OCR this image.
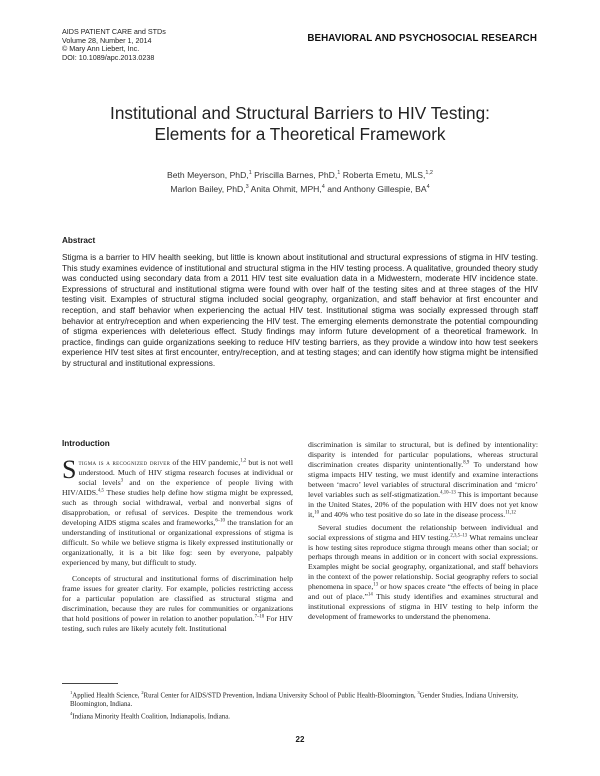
AIDS PATIENT CARE and STDs
Volume 28, Number 1, 2014
© Mary Ann Liebert, Inc.
DOI: 10.1089/apc.2013.0238
BEHAVIORAL AND PSYCHOSOCIAL RESEARCH
Institutional and Structural Barriers to HIV Testing:
Elements for a Theoretical Framework
Beth Meyerson, PhD,$^1$ Priscilla Barnes, PhD,$^1$ Roberta Emetu, MLS,$^{1,2}$
Marlon Bailey, PhD,$^3$ Anita Ohmit, MPH,$^4$ and Anthony Gillespie, $BA^4$
Abstract
Stigma is a barrier to HIV health seeking, but little is known about institutional and structural expressions of stigma in HIV testing. This study examines evidence of institutional and structural stigma in the HIV testing process. A qualitative, grounded theory study was conducted using secondary data from a 2011 HIV test site evaluation data in a Midwestern, moderate HIV incidence state. Expressions of structural and institutional stigma were found with over half of the testing sites and at three stages of the HIV testing visit. Examples of structural stigma included social geography, organization, and staff behavior at first encounter and reception, and staff behavior when experiencing the actual HIV test. Institutional stigma was socially expressed through staff behavior at entry/reception and when experiencing the HIV test. The emerging elements demonstrate the potential compounding of stigma experiences with deleterious effect. Study findings may inform future development of a theoretical framework. In practice, findings can guide organizations seeking to reduce HIV testing barriers, as they provide a window into how test seekers experience HIV test sites at first encounter, entry/reception, and at testing stages; and can identify how stigma might be intensified by structural and institutional expressions.
Introduction

Stigma is a recognized driver of the HIV pandemic,$^{1,2}$ but is not well understood. Much of HIV stigma research focuses at individual or social levels$^3$ and on the experience of people living with HIV/AIDS.$^{4,5}$ These studies help define how stigma might be expressed, such as through social withdrawal, verbal and nonverbal signs of disapprobation, or refusal of services. Despite the tremendous work developing AIDS stigma scales and frameworks,$^{6-10}$ the translation for an understanding of institutional or organizational expressions of stigma is difficult. So while we believe stigma is likely expressed institutionally or organizationally, it is a bit like fog: seen by everyone, palpably experienced by many, but difficult to study.

Concepts of structural and institutional forms of discrimination help frame issues for greater clarity. For example, policies restricting access for a particular population are classified as structural stigma and discrimination, because they are rules for communities or organizations that hold positions of power in relation to another population.$^{7-10}$ For HIV testing, such rules are likely acutely felt. Institutional

discrimination is similar to structural, but is defined by intentionality: disparity is intended for particular populations, whereas structural discrimination creates disparity unintentionally.$^{8,9}$ To understand how stigma impacts HIV testing, we must identify and examine interactions between ‘macro’ level variables of structural discrimination and ‘micro’ level variables such as self-stigmatization.$^{4,10-13}$ This is important because in the United States, 20% of the population with HIV does not yet know it,$^{10}$ and 40% who test positive do so late in the disease process.$^{11,12}$

Several studies document the relationship between individual and social expressions of stigma and HIV testing.$^{2,3,5-13}$ What remains unclear is how testing sites reproduce stigma through means other than social; or perhaps through means in addition or in concert with social expressions. Examples might be social geography, organizational, and staff behaviors in the context of the power relationship. Social geography refers to social phenomena in space,$^{13}$ or how spaces create “the effects of being in place and out of place.”$^{14}$ This study identifies and examines structural and institutional expressions of stigma in HIV testing to help inform the development of frameworks to understand the phenomena.

$^1$Applied Health Science, $^2$Rural Center for AIDS/STD Prevention, Indiana University School of Public Health-Bloomington, $^3$Gender Studies, Indiana University, Bloomington, Indiana.

$^4$Indiana Minority Health Coalition, Indianapolis, Indiana.

22
